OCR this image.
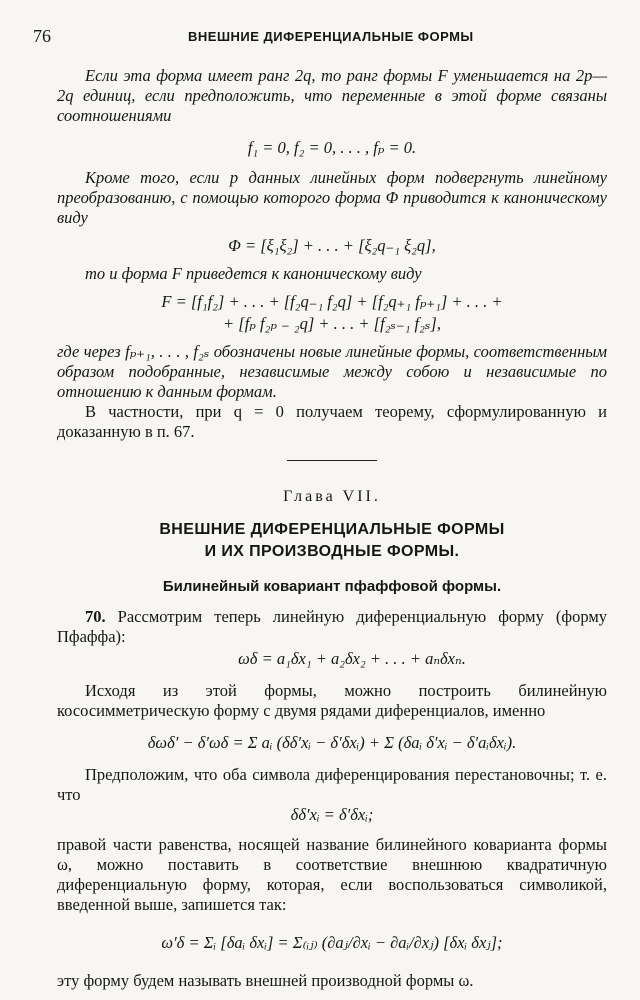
76	ВНЕШНИЕ ДИФЕРЕНЦИАЛЬНЫЕ ФОРМЫ

Если эта форма имеет ранг 2q, то ранг формы F уменьшается на 2p—2q единиц, если предположить, что переменные в этой форме связаны соотношениями

f₁ = 0, f₂ = 0, . . . , fₚ = 0.

Кроме того, если p данных линейных форм подвергнуть линейному преобразованию, с помощью которого форма Φ приводится к каноническому виду

Φ = [ξ₁ξ₂] + . . . + [ξ₂q₋₁ ξ₂q],

то и форма F приведется к каноническому виду

F = [f₁f₂] + . . . + [f₂q₋₁ f₂q] + [f₂q₊₁ fₚ₊₁] + . . . +

+ [fₚ f₂ₚ ₋ ₂q] + . . . + [f₂ₛ₋₁ f₂ₛ],

где через fₚ₊₁, . . . , f₂ₛ обозначены новые линейные формы, соответственным образом подобранные, независимые между собою и независимые по отношению к данным формам.

В частности, при q = 0 получаем теорему, сформулированную и доказанную в п. 67.

Глава VII.

ВНЕШНИЕ ДИФЕРЕНЦИАЛЬНЫЕ ФОРМЫ

И ИХ ПРОИЗВОДНЫЕ ФОРМЫ.

Билинейный ковариант пфаффовой формы.

70. Рассмотрим теперь линейную диференциальную форму (форму Пфаффа):

ωδ = a₁δx₁ + a₂δx₂ + . . . + aₙδxₙ.

Исходя из этой формы, можно построить билинейную кососимметрическую форму с двумя рядами диференциалов, именно

δωδ′ − δ′ωδ = Σ aᵢ (δδ′xᵢ − δ′δxᵢ) + Σ (δaᵢ δ′xᵢ − δ′aᵢδxᵢ).

Предположим, что оба символа диференцирования перестановочны; т. е. что

δδ′xᵢ = δ′δxᵢ;

правой части равенства, носящей название билинейного коварианта формы ω, можно поставить в соответствие внешнюю квадратичную диференциальную форму, которая, если воспользоваться символикой, введенной выше, запишется так:

ω′δ = Σᵢ [δaᵢ δxᵢ] = Σ₍ᵢⱼ₎ (∂aⱼ/∂xᵢ − ∂aᵢ/∂xⱼ) [δxᵢ δxⱼ];

эту форму будем называть внешней производной формы ω.
